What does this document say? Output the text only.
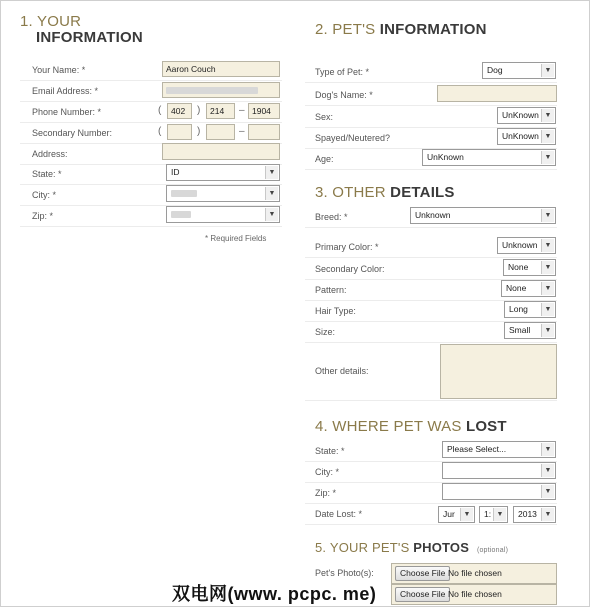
1. YOUR
INFORMATION
Your Name: *	Aaron Couch
Email Address: *
Phone Number: *	(	402	)	214	– 1904
Secondary Number:	(	)	–
Address:
State: *	ID	▼
City: *	▼
Zip: *	▼
* Required Fields
2. PET'S INFORMATION
Type of Pet: *	Dog	▼
Dog's Name: *
Sex:	UnKnown ▼
Spayed/Neutered?	UnKnown ▼
Age:	UnKnown	▼
3. OTHER DETAILS
Breed: *	Unknown	▼
Primary Color: *	Unknown	▼
Secondary Color:	None	▼
Pattern:	None	▼
Hair Type:	Long	▼
Size:	Small	▼
Other details:
4. WHERE PET WAS LOST
State: *	Please Select...	▼
City: *	▼
Zip: *	▼
Date Lost: *	Jur	▼	1: ▼	2013	▼
5. YOUR PET'S PHOTOS (optional)
Pet's Photo(s):	Choose File No file chosen
Choose File No file chosen
双电网(www. pcpc. me)
